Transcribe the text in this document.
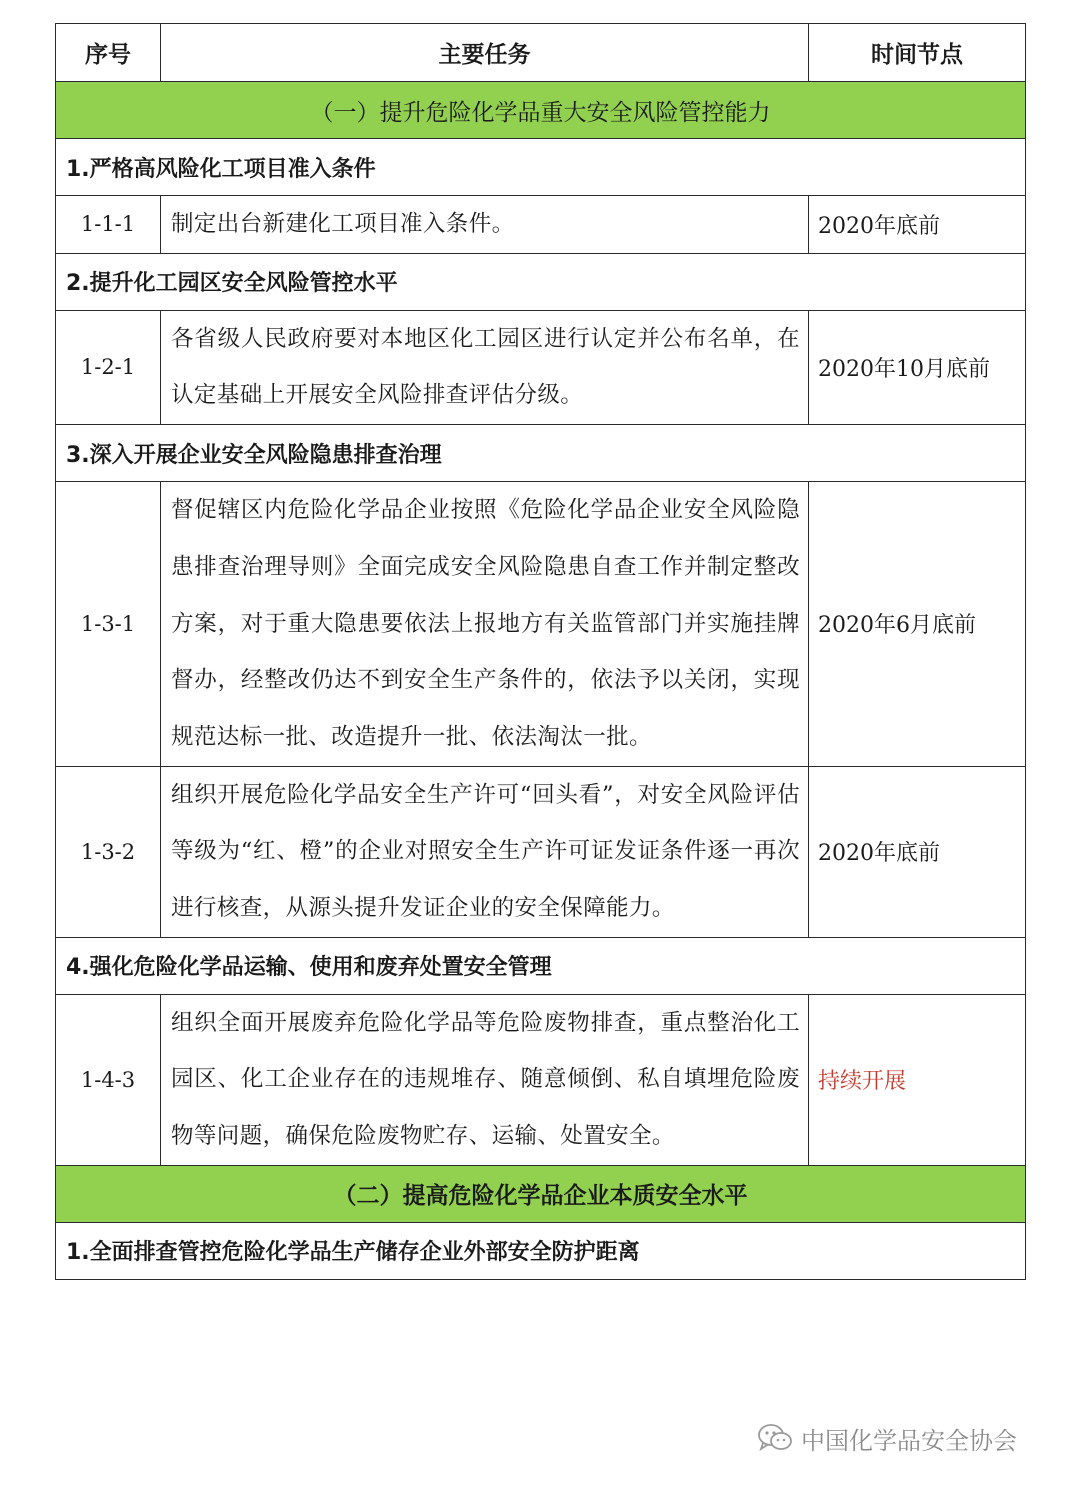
序号	主要任务	时间节点
（一）提升危险化学品重大安全风险管控能力		
1.严格高风险化工项目准入条件		
1-1-1	制定出台新建化工项目准入条件。	2020年底前
2.提升化工园区安全风险管控水平		
1-2-1	各省级人民政府要对本地区化工园区进行认定并公布名单，在认定基础上开展安全风险排查评估分级。	2020年10月底前
3.深入开展企业安全风险隐患排查治理		
1-3-1	督促辖区内危险化学品企业按照《危险化学品企业安全风险隐患排查治理导则》全面完成安全风险隐患自查工作并制定整改方案，对于重大隐患要依法上报地方有关监管部门并实施挂牌督办，经整改仍达不到安全生产条件的，依法予以关闭，实现规范达标一批、改造提升一批、依法淘汰一批。	2020年6月底前
1-3-2	组织开展危险化学品安全生产许可“回头看”，对安全风险评估等级为“红、橙”的企业对照安全生产许可证发证条件逐一再次进行核查，从源头提升发证企业的安全保障能力。	2020年底前
4.强化危险化学品运输、使用和废弃处置安全管理		
1-4-3	组织全面开展废弃危险化学品等危险废物排查，重点整治化工园区、化工企业存在的违规堆存、随意倾倒、私自填埋危险废物等问题，确保危险废物贮存、运输、处置安全。	持续开展
（二）提高危险化学品企业本质安全水平		
1.全面排查管控危险化学品生产储存企业外部安全防护距离		
中国化学品安全协会
